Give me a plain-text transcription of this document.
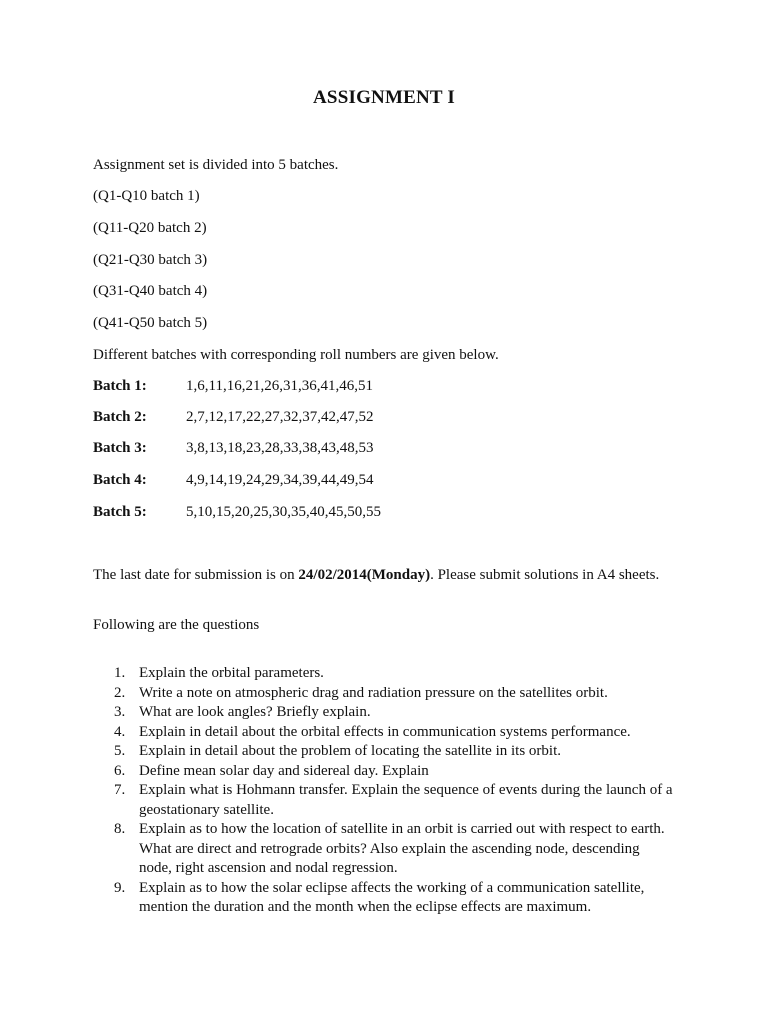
ASSIGNMENT I
Assignment set is divided into 5 batches.
(Q1-Q10 batch 1)
(Q11-Q20 batch 2)
(Q21-Q30 batch 3)
(Q31-Q40 batch 4)
(Q41-Q50 batch 5)
Different batches with corresponding roll numbers are given below.
Batch 1:	1,6,11,16,21,26,31,36,41,46,51
Batch 2:	2,7,12,17,22,27,32,37,42,47,52
Batch 3:	3,8,13,18,23,28,33,38,43,48,53
Batch 4:	4,9,14,19,24,29,34,39,44,49,54
Batch 5:	5,10,15,20,25,30,35,40,45,50,55
The last date for submission is on 24/02/2014(Monday). Please submit solutions in A4 sheets.
Following are the questions
1. Explain the orbital parameters.
2. Write a note on atmospheric drag and radiation pressure on the satellites orbit.
3. What are look angles? Briefly explain.
4. Explain in detail about the orbital effects in communication systems performance.
5. Explain in detail about the problem of locating the satellite in its orbit.
6. Define mean solar day and sidereal day. Explain
7. Explain what is Hohmann transfer. Explain the sequence of events during the launch of a geostationary satellite.
8. Explain as to how the location of satellite in an orbit is carried out with respect to earth. What are direct and retrograde orbits? Also explain the ascending node, descending node, right ascension and nodal regression.
9. Explain as to how the solar eclipse affects the working of a communication satellite, mention the duration and the month when the eclipse effects are maximum.
